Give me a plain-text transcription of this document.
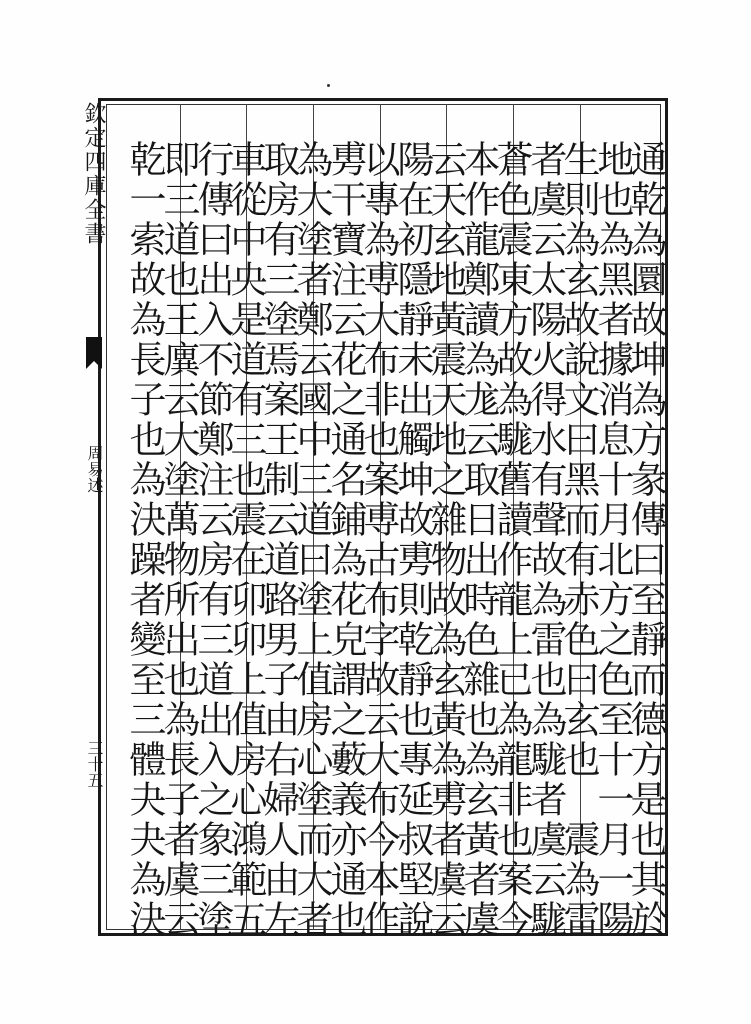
欽定四庫全書
周易述
三十五	通乾為圜故坤為方彖傳曰至靜而德方是也其於
地也為黑者據消息十月北方之色至十一月一陽
生則為玄故說文曰黑而有赤色曰玄也　震為雷
者虞云太陽火得水有聲故為雷也為駹者虞云駹
蒼色震東方故為駹舊讀作龍上已為龍非也案今
本作龍鄭讀為尨云取日出時色雜也為玄黃者虞
云天玄地黃震天地之雜物故為玄黃為旉者虞云
陽在初隱靜未出觸坤故旉則乾靜也專延叔堅說
以專為尃大布非也案尃古布字故云大布今本作
旉干寶注云花之通名鋪為花皃謂之藪義亦通也
為大塗者鄭云國中三道曰塗上值房心塗而大者
取房有三塗焉案王制云道路男子由右婦人由左
車從中央是道有三也震在卯卯上值房心鴻範五
行傳曰出入不節鄭注云房有三道出入之象三塗
即三道也王廙云大塗萬物所出也為長子者虞云
乾一索故為長子也為決躁者變至三體夬夬為決
